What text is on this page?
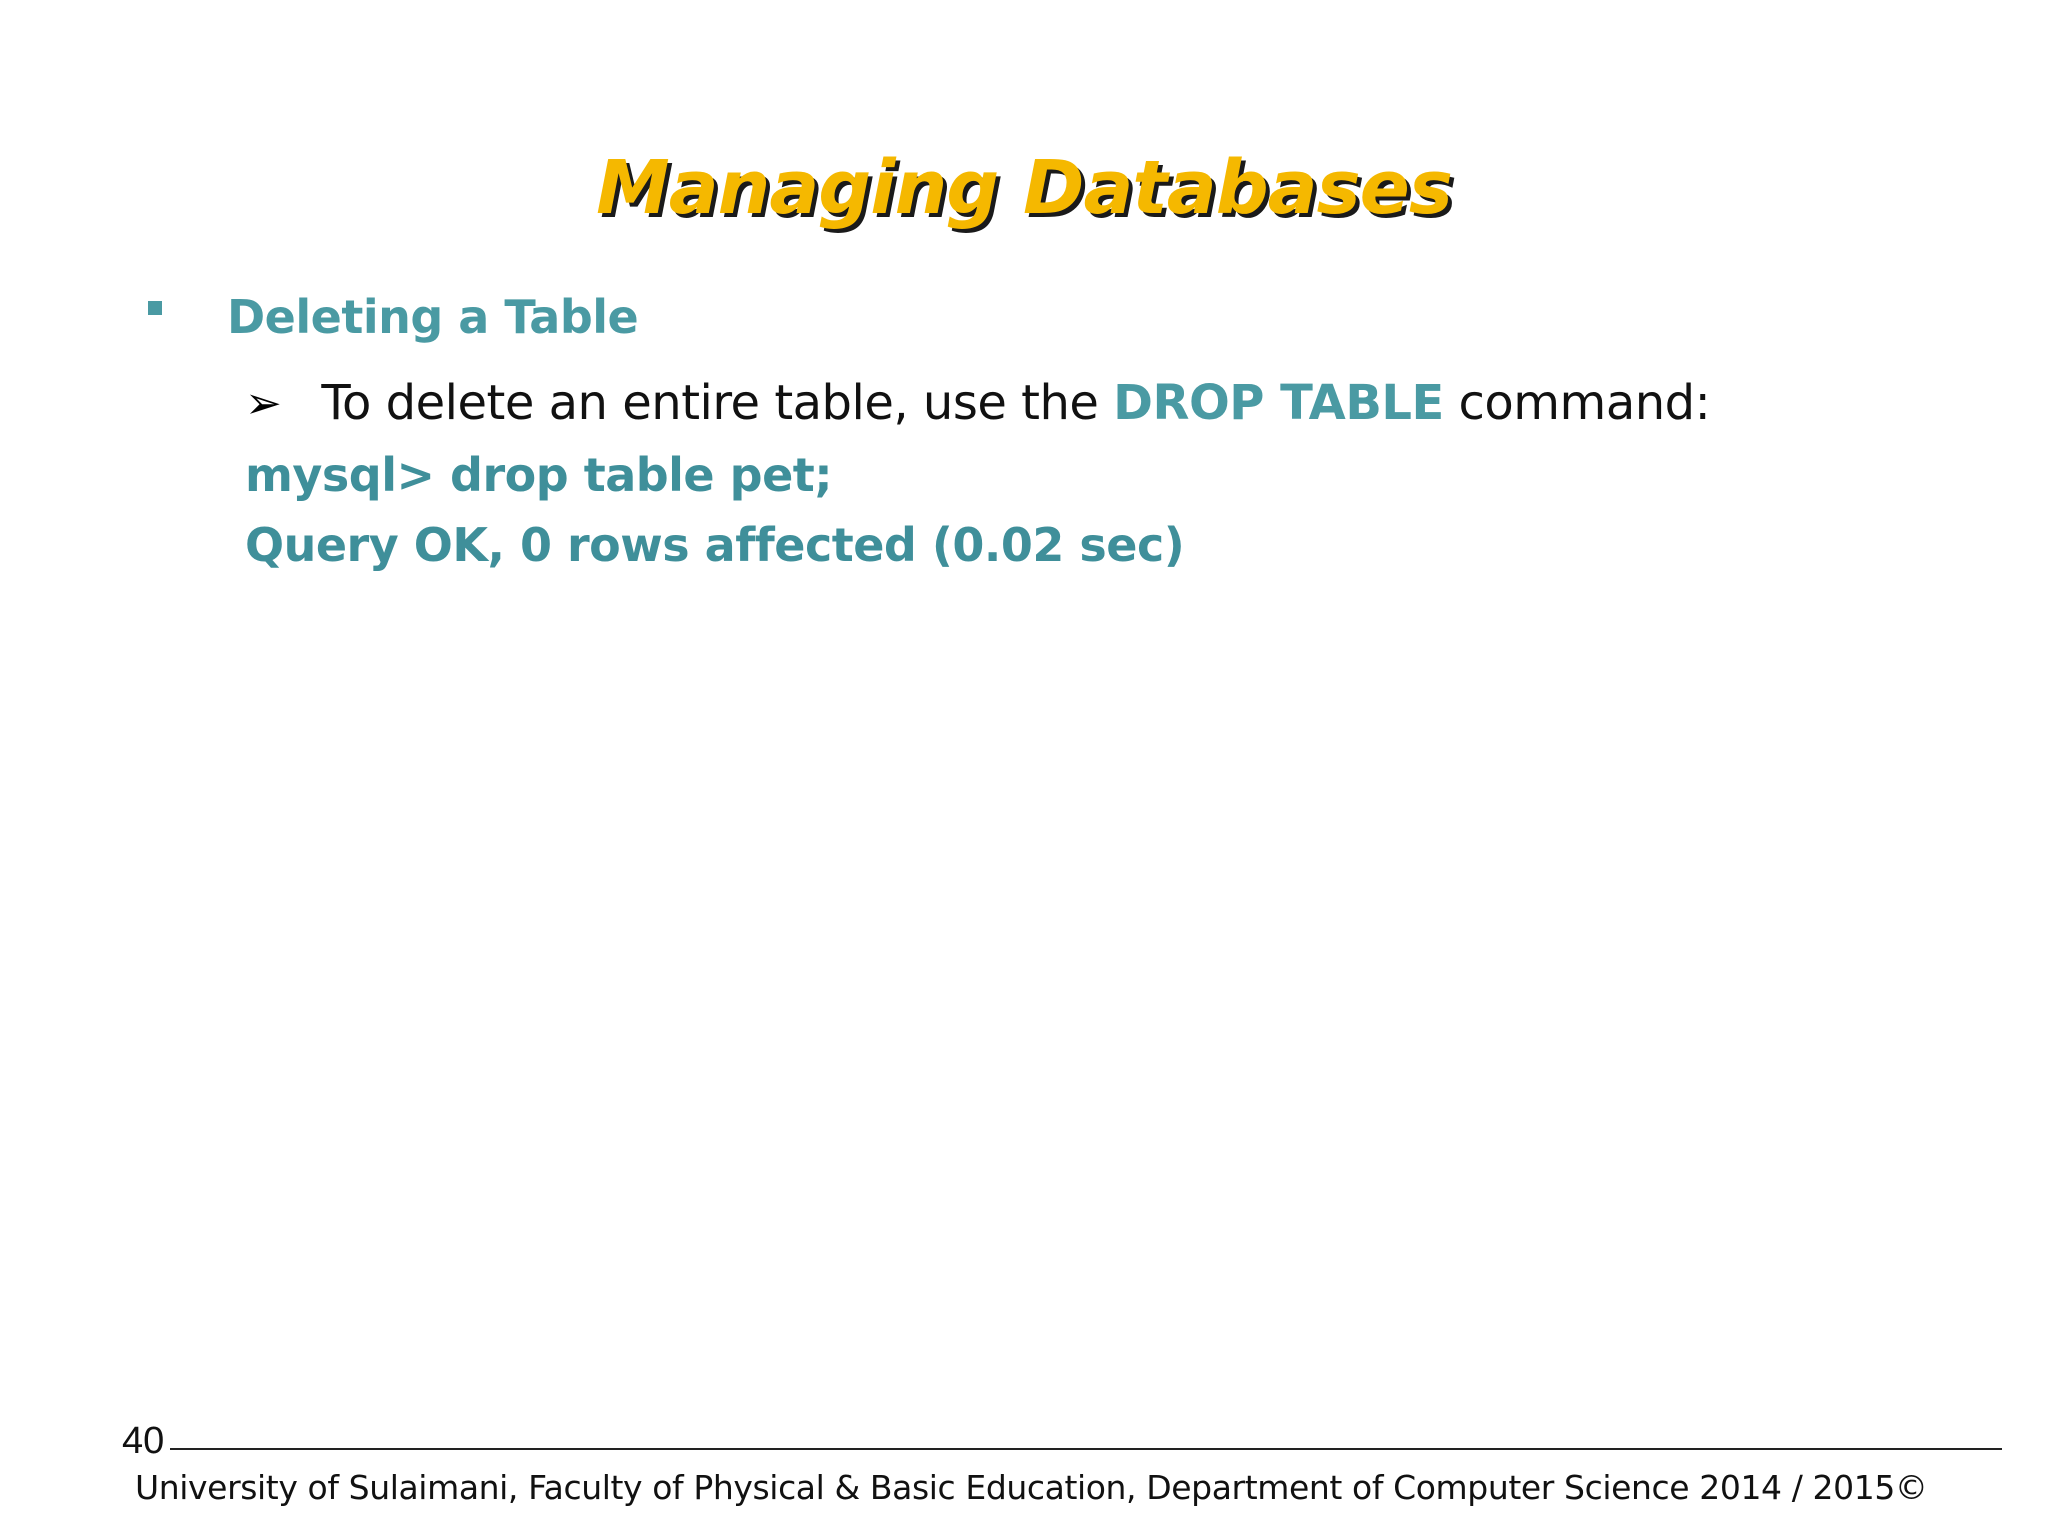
Managing Databases
Deleting a Table
➢ To delete an entire table, use the DROP TABLE command:
mysql> drop table pet;
Query OK, 0 rows affected (0.02 sec)
40
University of Sulaimani, Faculty of Physical & Basic Education, Department of Computer Science 2014 / 2015©
